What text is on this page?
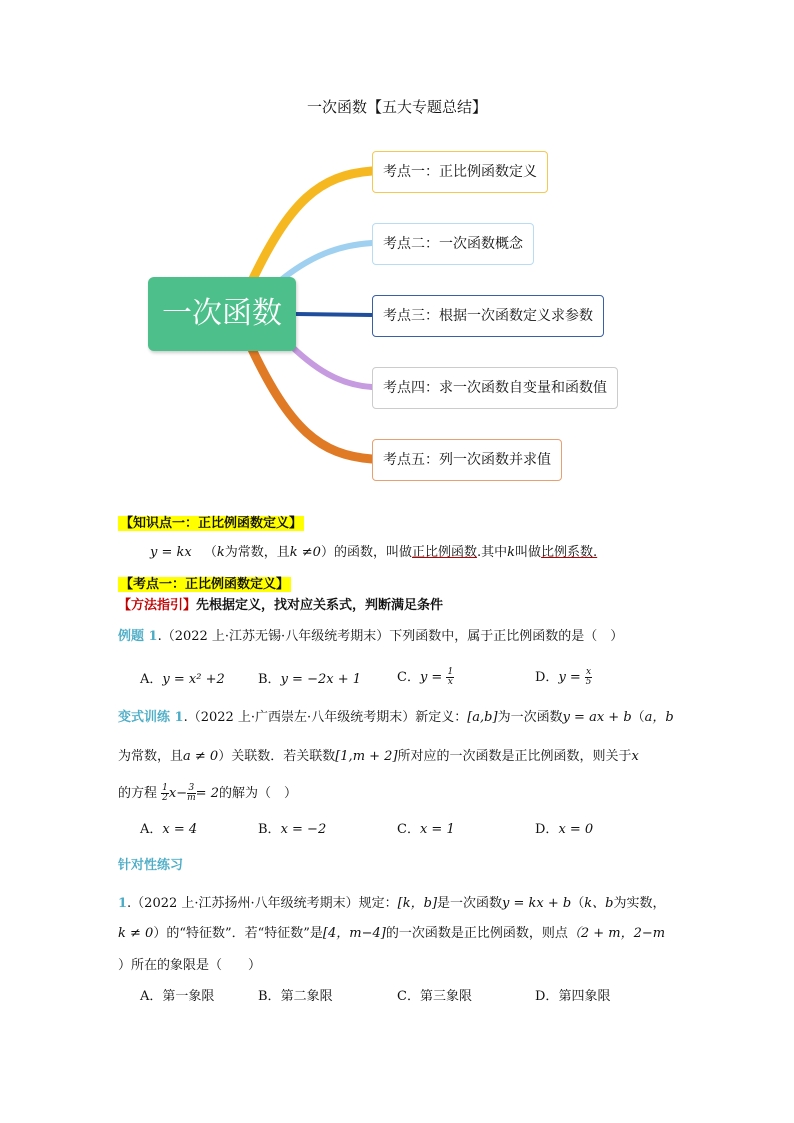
一次函数【五大专题总结】
一次函数
考点一：正比例函数定义
考点二：一次函数概念
考点三：根据一次函数定义求参数
考点四：求一次函数自变量和函数值
考点五：列一次函数并求值
【知识点一：正比例函数定义】
y = kx （k为常数，且k ≠0）的函数，叫做正比例函数.其中k叫做比例系数.
【考点一：正比例函数定义】
【方法指引】先根据定义，找对应关系式，判断满足条件
例题 1.（2022 上·江苏无锡·八年级统考期末）下列函数中，属于正比例函数的是（　）
A．y = x² +2	B．y = −2x + 1	C．$y = \frac{1}{x}$	D．$y = \frac{x}{5}$
变式训练 1.（2022 上·广西崇左·八年级统考期末）新定义：[a,b]为一次函数y = ax + b（a，b
为常数，且a ≠ 0）关联数．若关联数[1,m + 2]所对应的一次函数是正比例函数，则关于x
的方程 $\frac{1}{2} x- \frac{3}{m} = 2$的解为（　）
A．x = 4	B．x = −2	C．x = 1	D．x = 0
针对性练习
1.（2022 上·江苏扬州·八年级统考期末）规定：[k，b]是一次函数y = kx + b（k、b为实数，
k ≠ 0）的“特征数”．若“特征数”是[4，m−4]的一次函数是正比例函数，则点（2 + m，2−m
）所在的象限是（　　）
A．第一象限	B．第二象限	C．第三象限	D．第四象限
